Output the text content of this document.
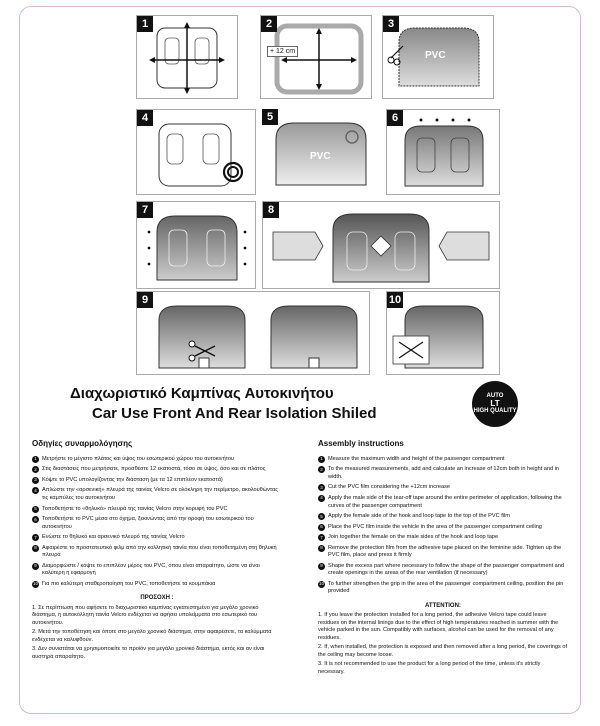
1	2
+ 12 cm
3
PVC
4	5
PVC
6
7	8
9	10
Διαχωριστικό Καμπίνας Αυτοκινήτου
Car Use Front And Rear Isolation Shiled
AUTO
LT
HIGH QUALITY
Οδηγίες συναρμολόγησης
1 Μετρήστε το μέγιστο πλάτος και ύψος του εσωτερικού χώρου του αυτοκινήτου
2 Στις διαστάσεις που μετρήσατε, προσθέστε 12 εκατοστά, τόσο σε ύψος, όσο και σε πλάτος
3 Κόψτε το PVC υπολογίζοντας την διάσταση (με τα 12 επιπλέον εκατοστά)
4 Απλώστε την «αρσενική» πλευρά της ταινίας Velcro σε ολόκληρη την περίμετρο, ακολουθώντας τις καμπύλες του αυτοκινήτου
5 Τοποθετήστε το «θηλυκό» πλευρά της ταινίας Velcro στην κορυφή του PVC
6 Τοποθετήστε το PVC μέσα στο όχημα, ξεκινώντας από την οροφή του εσωτερικού του αυτοκινήτου
7 Ενώστε το θηλυκό και αρσενικό πλευρό της ταινίας Velcro
8 Αφαιρέστε το προστατευτικό φιλμ από την κολλητική ταινία που είναι τοποθετημένη στη θηλυκή πλευρά
9 Διαμορφώστε / κόψτε το επιπλέον μέρος του PVC, όπου είναι απαραίτητο, ώστε να είναι καλύτερη η εφαρμογή
10 Για πιο καλύτερη σταθεροποίηση του PVC, τοποθετήστε τα κουμπάκια
ΠΡΟΣΟΧΗ :

1. Σε περίπτωση που αφήσετε το διαχωριστικό καμπίνας εγκατεστημένο για μεγάλο χρονικό διάστημα, η αυτοκόλλητη ταινία Velcro ενδέχεται να αφήσει υπολείμματα στο εσωτερικό του αυτοκινήτου.

2. Μετά την τοποθέτηση και όποτε στο μεγάλο χρονικό διάστημα, στην αφαιρέσετε, τα καλύμματα ενδέχεται να καλυφθούν.

3. Δεν συνιστάται να χρησιμοποιείτε το προϊόν για μεγάλο χρονικό διάστημα, εκτός και αν είναι αυστηρά απαραίτητο.

Assembly instructions
1 Measure the maximum width and height of the passenger compartment
2 To the measured measurements, add and calculate an increase of 12cm both in height and in width.
3 Cut the PVC film considering the +12cm increase
4 Apply the male side of the tear-off tape around the entire perimeter of application, following the curves of the passenger compartment
5 Apply the female side of the hook and loop tape to the top of the PVC film
6 Place the PVC film inside the vehicle in the area of the passenger compartment ceiling
7 Join together the female on the male sides of the hook and loop tape
8 Remove the protection film from the adhesive tape placed on the feminine side. Tighten up the PVC film, place and press it firmly
9 Shape the excess part where necessary to follow the shape of the passenger compartment and create openings in the areas of the rear ventilation (if necessary)
10 To further strengthen the grip in the area of the passenger compartment ceiling, position the pin provided
ATTENTION:

1. If you leave the protection installed for a long period, the adhesive Velcro tape could leave residues on the internal linings due to the effect of high temperatures reached in summer with the vehicle parked in the sun. Compatibly with surfaces, alcohol can be used for the removal of any residues.

2. If, when installed, the protection is exposed and then removed after a long period, the coverings of the ceiling may become loose.

3. It is not recommended to use the product for a long period of the time, unless it's strictly necessary.
